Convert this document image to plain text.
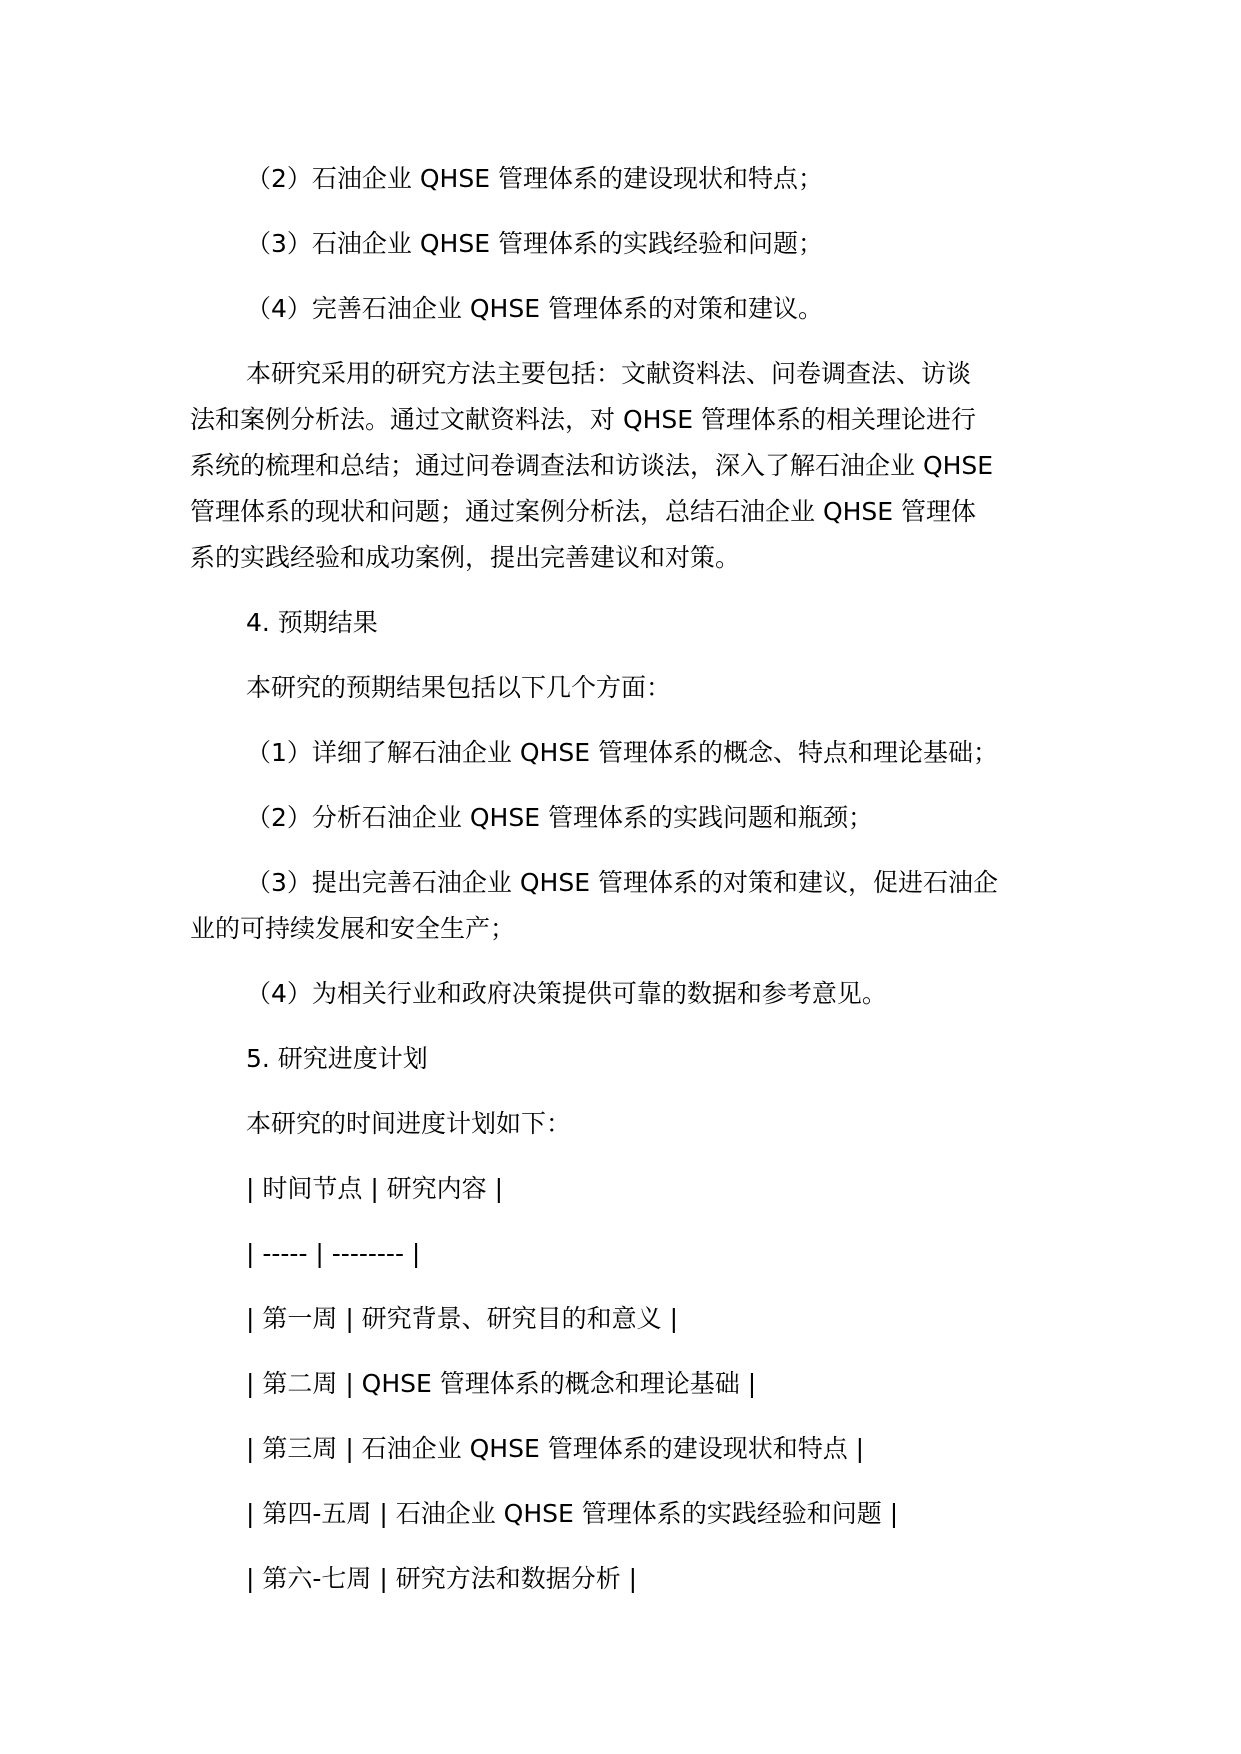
（2）石油企业 QHSE 管理体系的建设现状和特点；

（3）石油企业 QHSE 管理体系的实践经验和问题；

（4）完善石油企业 QHSE 管理体系的对策和建议。

本研究采用的研究方法主要包括：文献资料法、问卷调查法、访谈

法和案例分析法。通过文献资料法，对 QHSE 管理体系的相关理论进行

系统的梳理和总结；通过问卷调查法和访谈法，深入了解石油企业 QHSE

管理体系的现状和问题；通过案例分析法，总结石油企业 QHSE 管理体

系的实践经验和成功案例，提出完善建议和对策。

4. 预期结果

本研究的预期结果包括以下几个方面：

（1）详细了解石油企业 QHSE 管理体系的概念、特点和理论基础；

（2）分析石油企业 QHSE 管理体系的实践问题和瓶颈；

（3）提出完善石油企业 QHSE 管理体系的对策和建议，促进石油企

业的可持续发展和安全生产；

（4）为相关行业和政府决策提供可靠的数据和参考意见。

5. 研究进度计划

本研究的时间进度计划如下：

| 时间节点 | 研究内容 |

| ----- | -------- |

| 第一周 | 研究背景、研究目的和意义 |

| 第二周 | QHSE 管理体系的概念和理论基础 |

| 第三周 | 石油企业 QHSE 管理体系的建设现状和特点 |

| 第四-五周 | 石油企业 QHSE 管理体系的实践经验和问题 |

| 第六-七周 | 研究方法和数据分析 |
